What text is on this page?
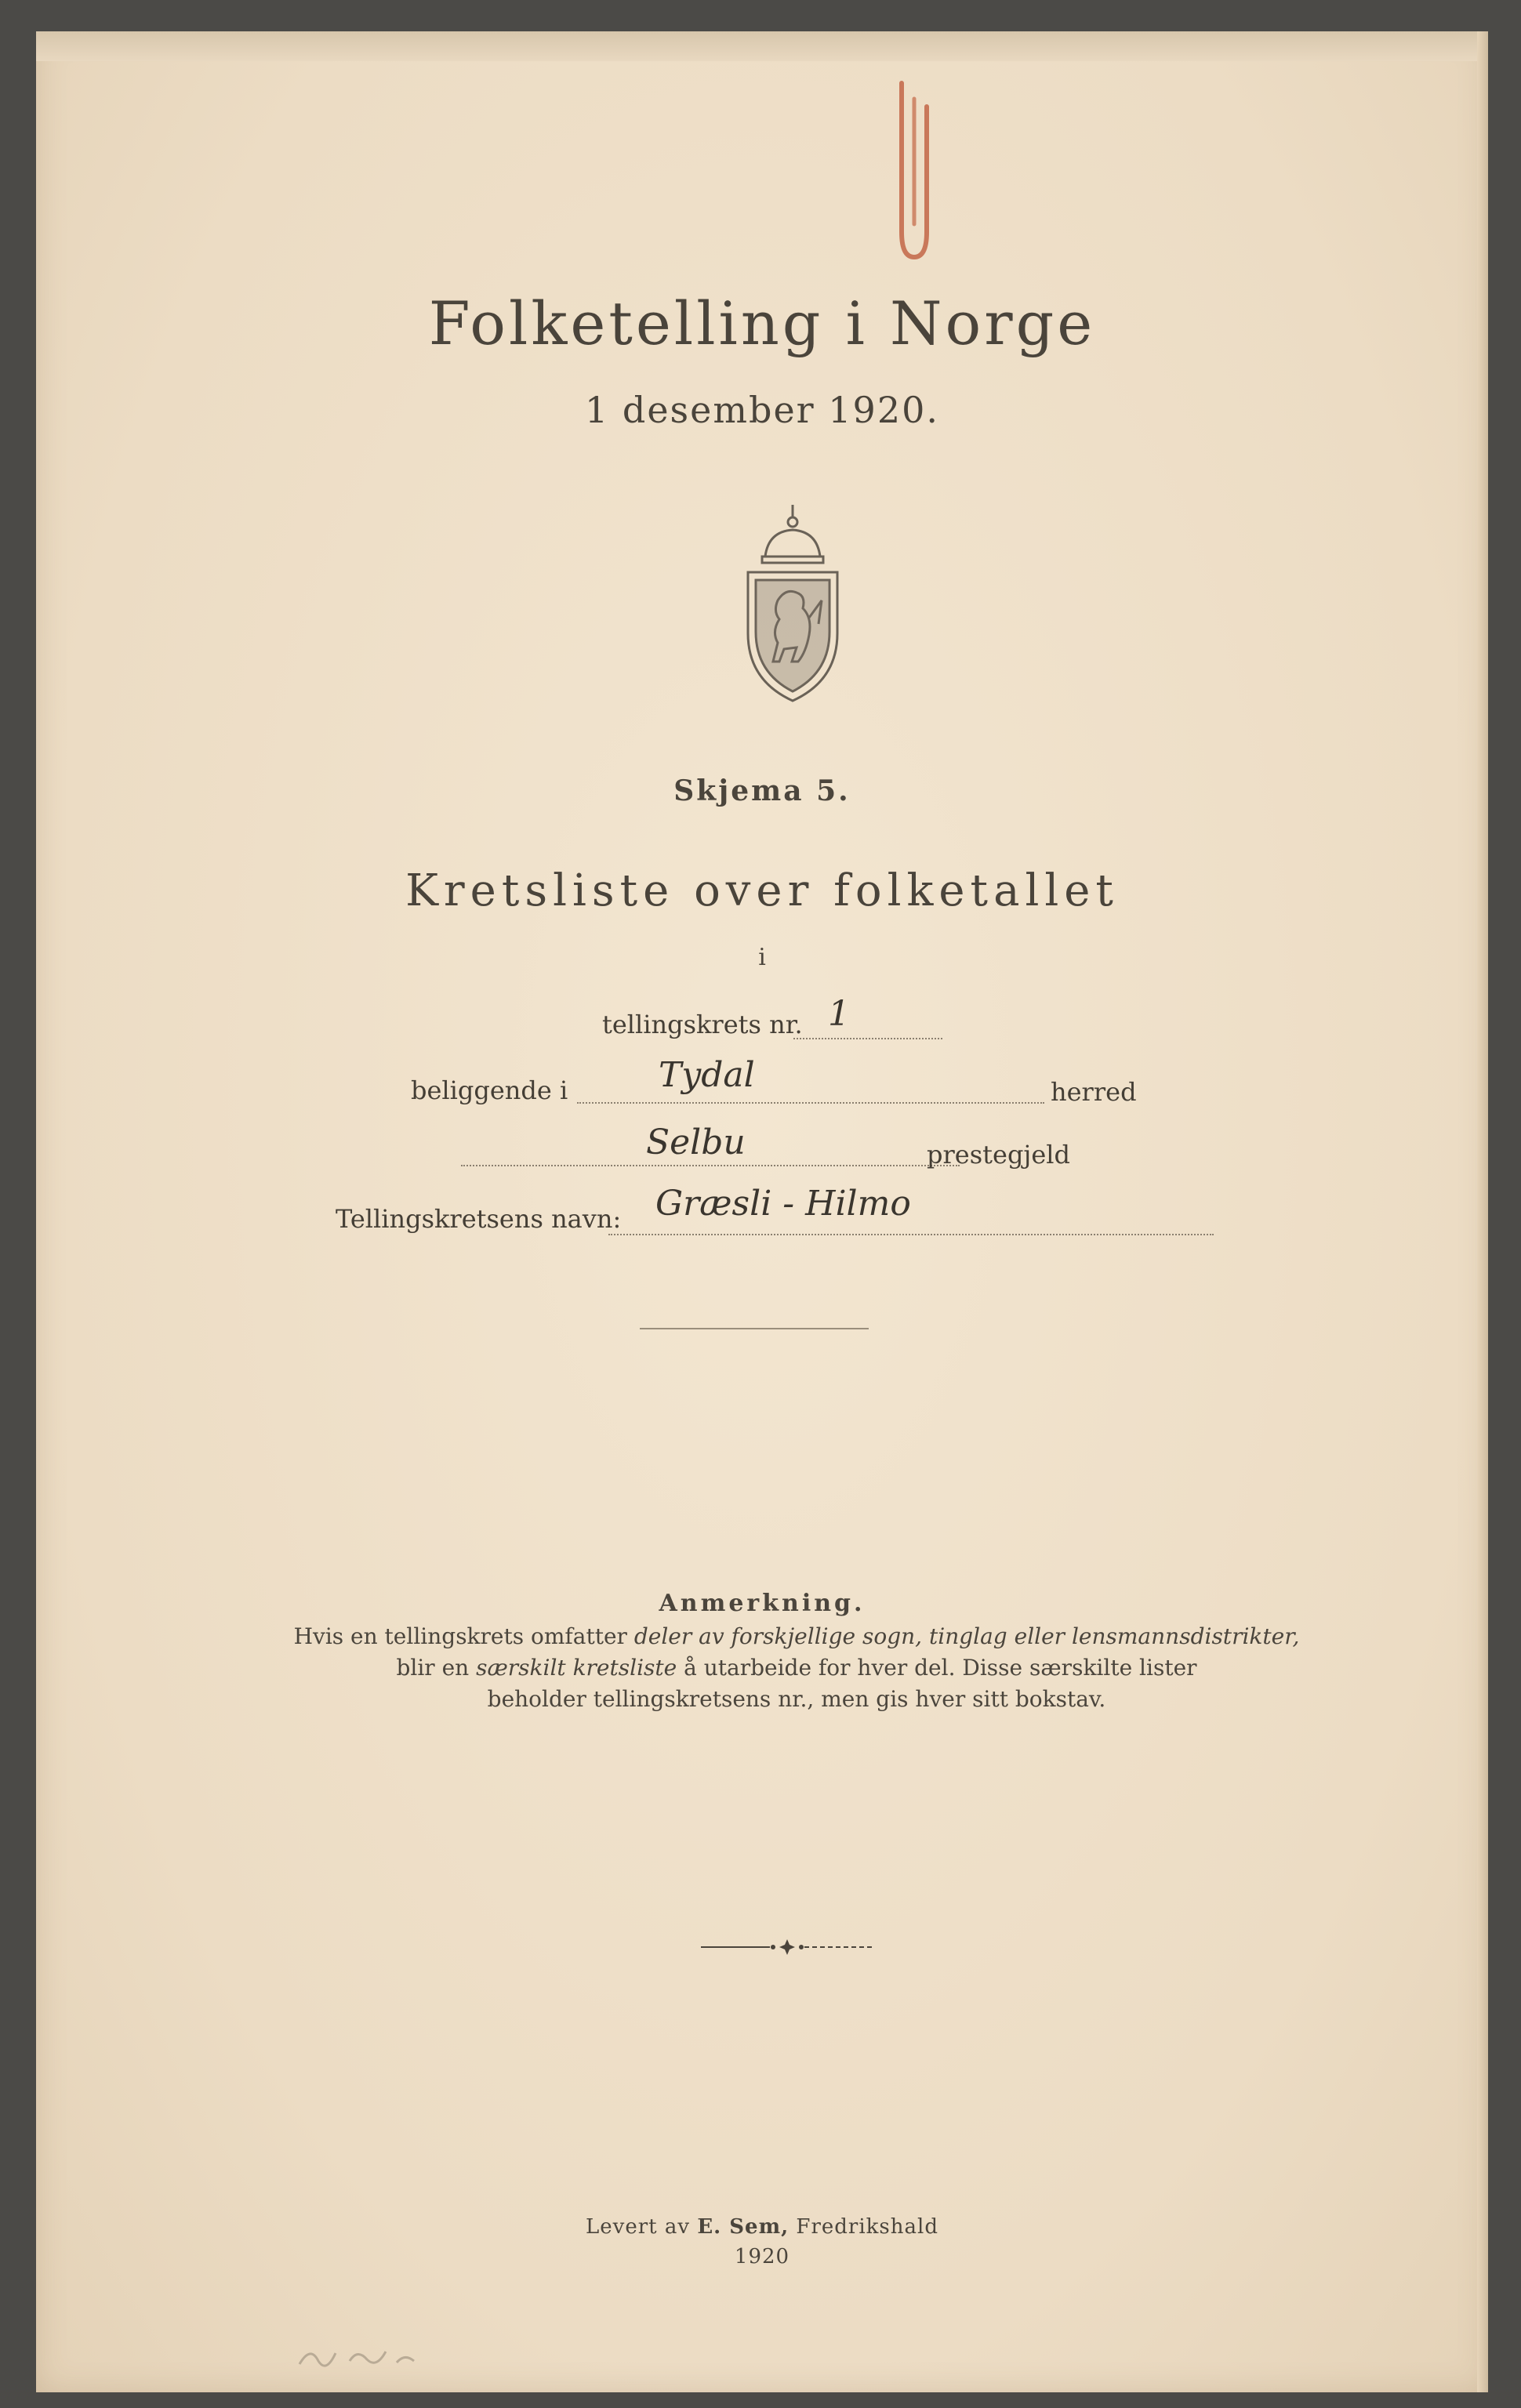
Folketelling i Norge
1 desember 1920.
Skjema 5.
Kretsliste over folketallet
i
tellingskrets nr. 1
beliggende i	Tydal	herred
Selbu	prestegjeld
Tellingskretsens navn: Græsli - Hilmo
Anmerkning.
Hvis en tellingskrets omfatter deler av forskjellige sogn, tinglag eller lensmannsdistrikter,
blir en særskilt kretsliste å utarbeide for hver del. Disse særskilte lister
beholder tellingskretsens nr., men gis hver sitt bokstav.
Levert av E. Sem, Fredrikshald
1920
